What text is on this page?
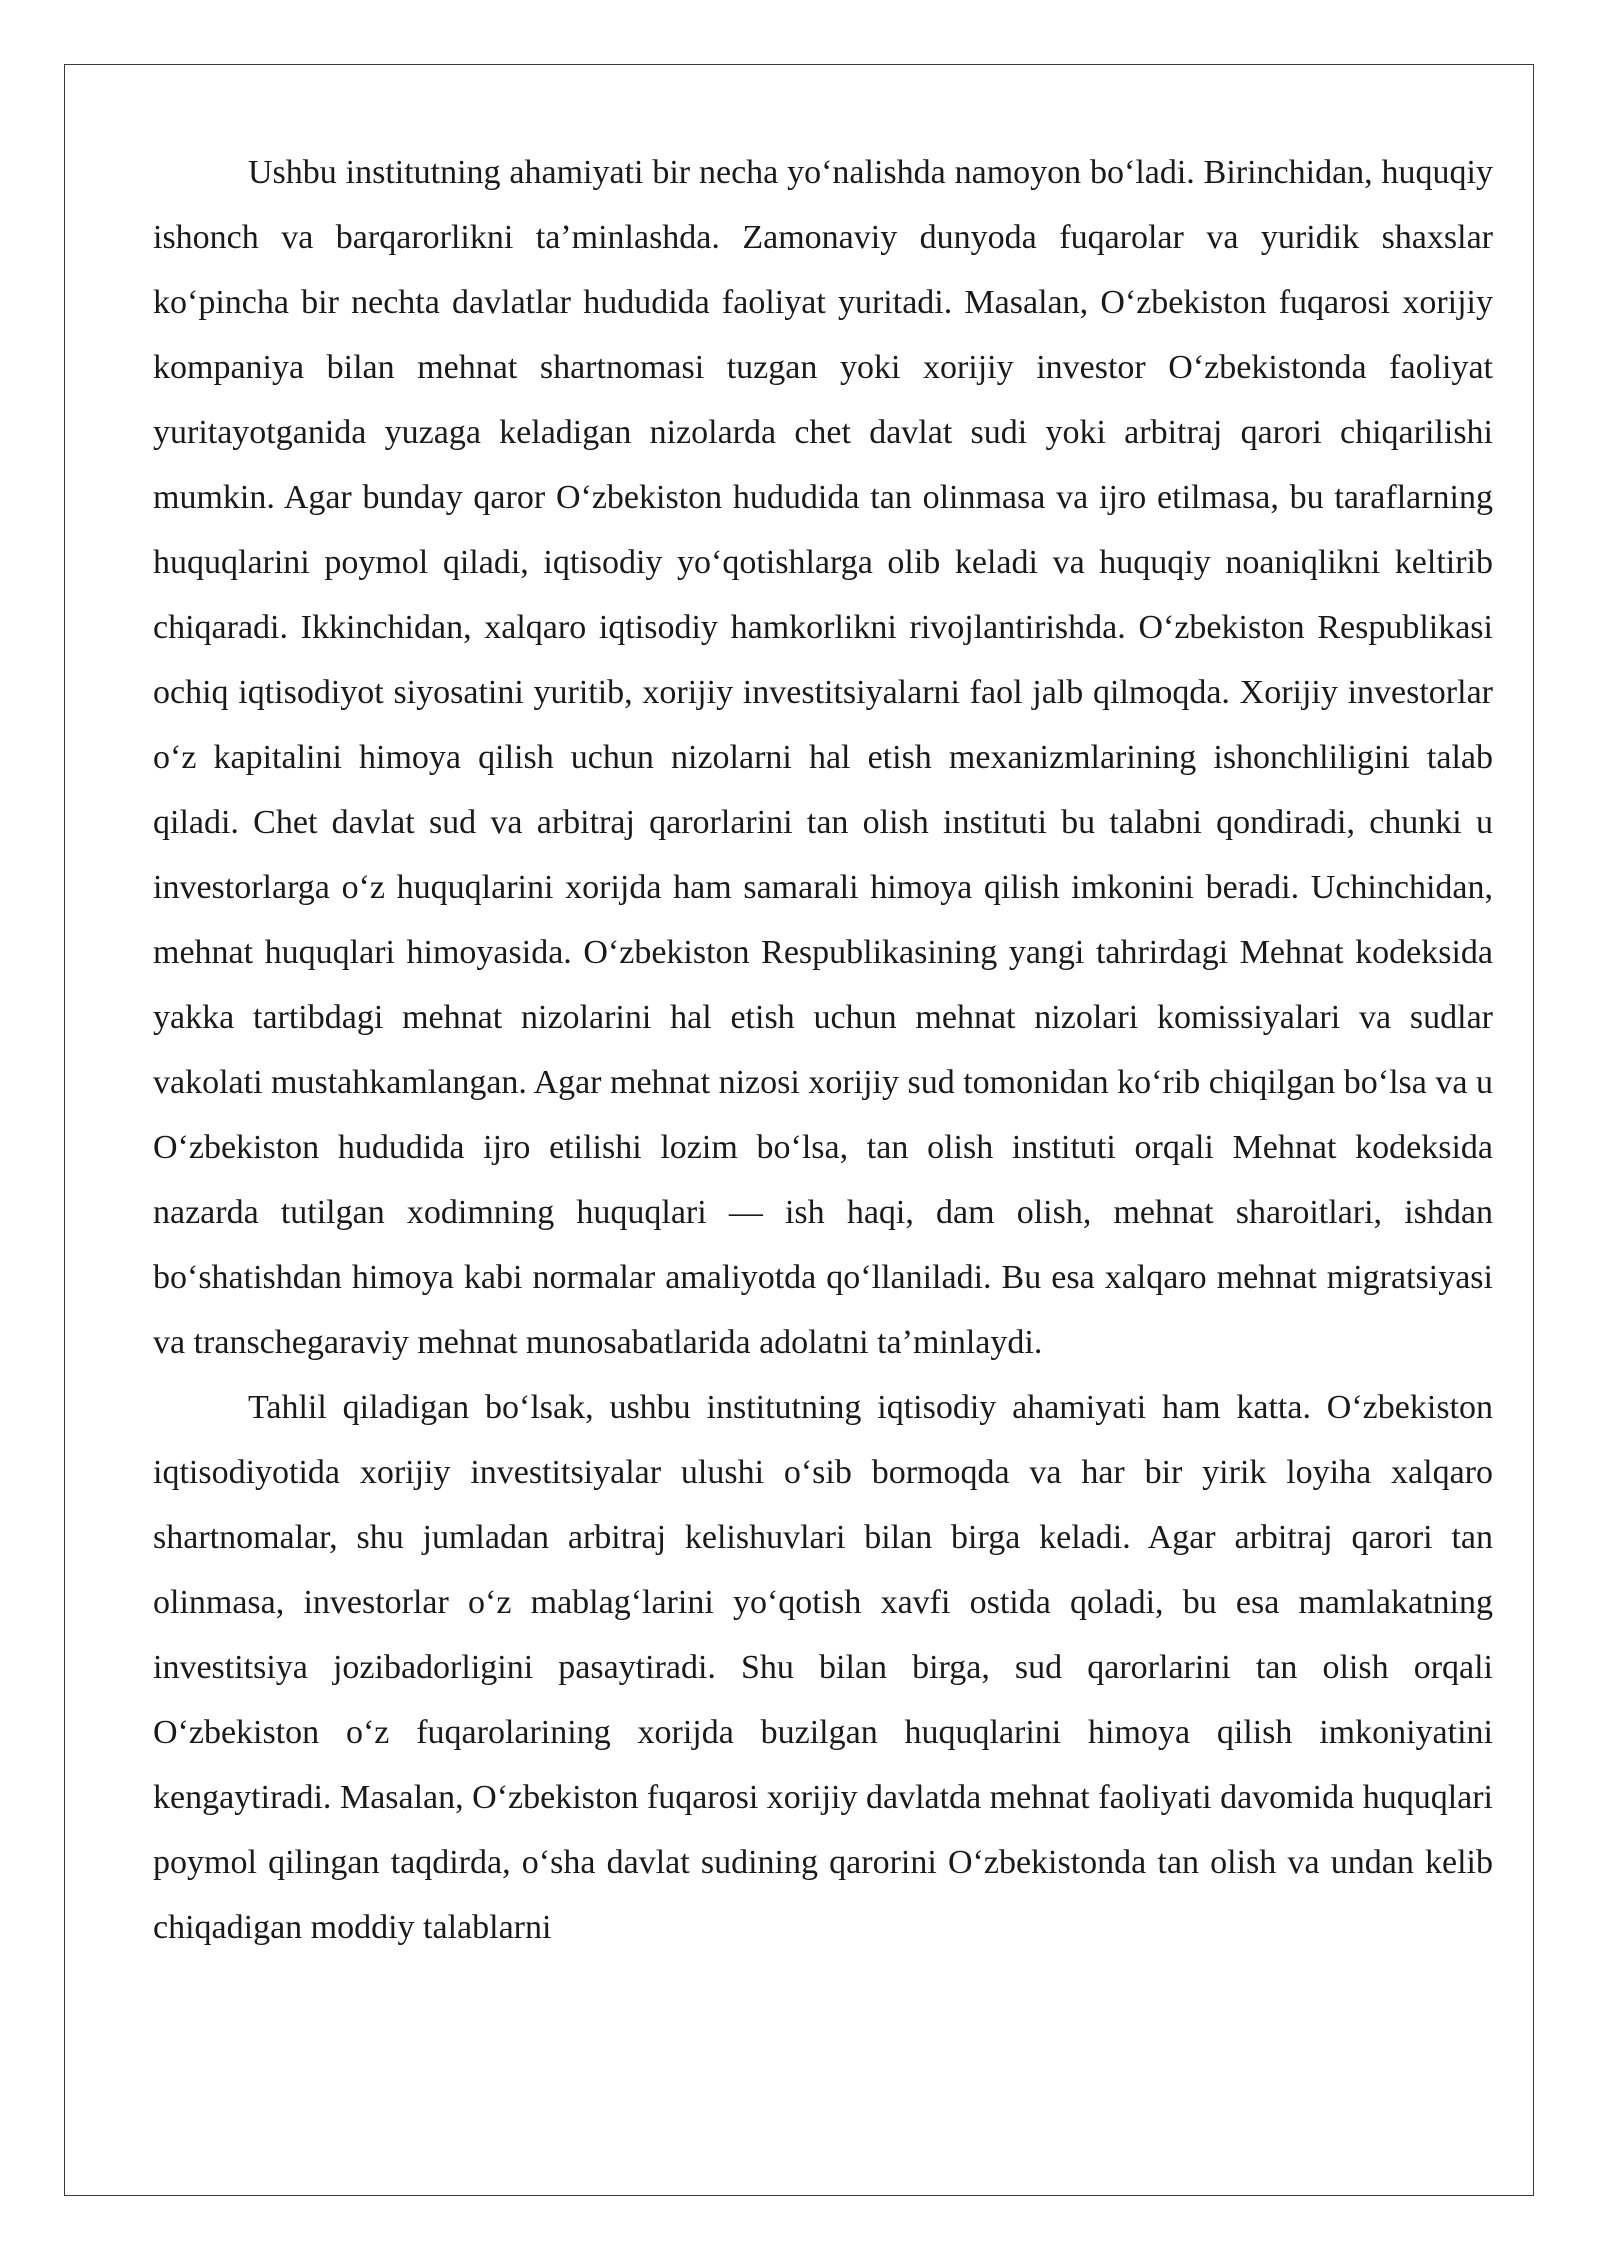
Ushbu institutning ahamiyati bir necha yoʻnalishda namoyon boʻladi. Birinchidan, huquqiy ishonch va barqarorlikni taʼminlashda. Zamonaviy dunyoda fuqarolar va yuridik shaxslar koʻpincha bir nechta davlatlar hududida faoliyat yuritadi. Masalan, Oʻzbekiston fuqarosi xorijiy kompaniya bilan mehnat shartnomasi tuzgan yoki xorijiy investor Oʻzbekistonda faoliyat yuritayotganida yuzaga keladigan nizolarda chet davlat sudi yoki arbitraj qarori chiqarilishi mumkin. Agar bunday qaror Oʻzbekiston hududida tan olinmasa va ijro etilmasa, bu taraflarning huquqlarini poymol qiladi, iqtisodiy yoʻqotishlarga olib keladi va huquqiy noaniqlikni keltirib chiqaradi. Ikkinchidan, xalqaro iqtisodiy hamkorlikni rivojlantirishda. Oʻzbekiston Respublikasi ochiq iqtisodiyot siyosatini yuritib, xorijiy investitsiyalarni faol jalb qilmoqda. Xorijiy investorlar oʻz kapitalini himoya qilish uchun nizolarni hal etish mexanizmlarining ishonchliligini talab qiladi. Chet davlat sud va arbitraj qarorlarini tan olish instituti bu talabni qondiradi, chunki u investorlarga oʻz huquqlarini xorijda ham samarali himoya qilish imkonini beradi. Uchinchidan, mehnat huquqlari himoyasida. Oʻzbekiston Respublikasining yangi tahrirdagi Mehnat kodeksida yakka tartibdagi mehnat nizolarini hal etish uchun mehnat nizolari komissiyalari va sudlar vakolati mustahkamlangan. Agar mehnat nizosi xorijiy sud tomonidan koʻrib chiqilgan boʻlsa va u Oʻzbekiston hududida ijro etilishi lozim boʻlsa, tan olish instituti orqali Mehnat kodeksida nazarda tutilgan xodimning huquqlari — ish haqi, dam olish, mehnat sharoitlari, ishdan boʻshatishdan himoya kabi normalar amaliyotda qoʻllaniladi. Bu esa xalqaro mehnat migratsiyasi va transchegaraviy mehnat munosabatlarida adolatni taʼminlaydi.

Tahlil qiladigan boʻlsak, ushbu institutning iqtisodiy ahamiyati ham katta. Oʻzbekiston iqtisodiyotida xorijiy investitsiyalar ulushi oʻsib bormoqda va har bir yirik loyiha xalqaro shartnomalar, shu jumladan arbitraj kelishuvlari bilan birga keladi. Agar arbitraj qarori tan olinmasa, investorlar oʻz mablagʻlarini yoʻqotish xavfi ostida qoladi, bu esa mamlakatning investitsiya jozibadorligini pasaytiradi. Shu bilan birga, sud qarorlarini tan olish orqali Oʻzbekiston oʻz fuqarolarining xorijda buzilgan huquqlarini himoya qilish imkoniyatini kengaytiradi. Masalan, Oʻzbekiston fuqarosi xorijiy davlatda mehnat faoliyati davomida huquqlari poymol qilingan taqdirda, oʻsha davlat sudining qarorini Oʻzbekistonda tan olish va undan kelib chiqadigan moddiy talablarni
